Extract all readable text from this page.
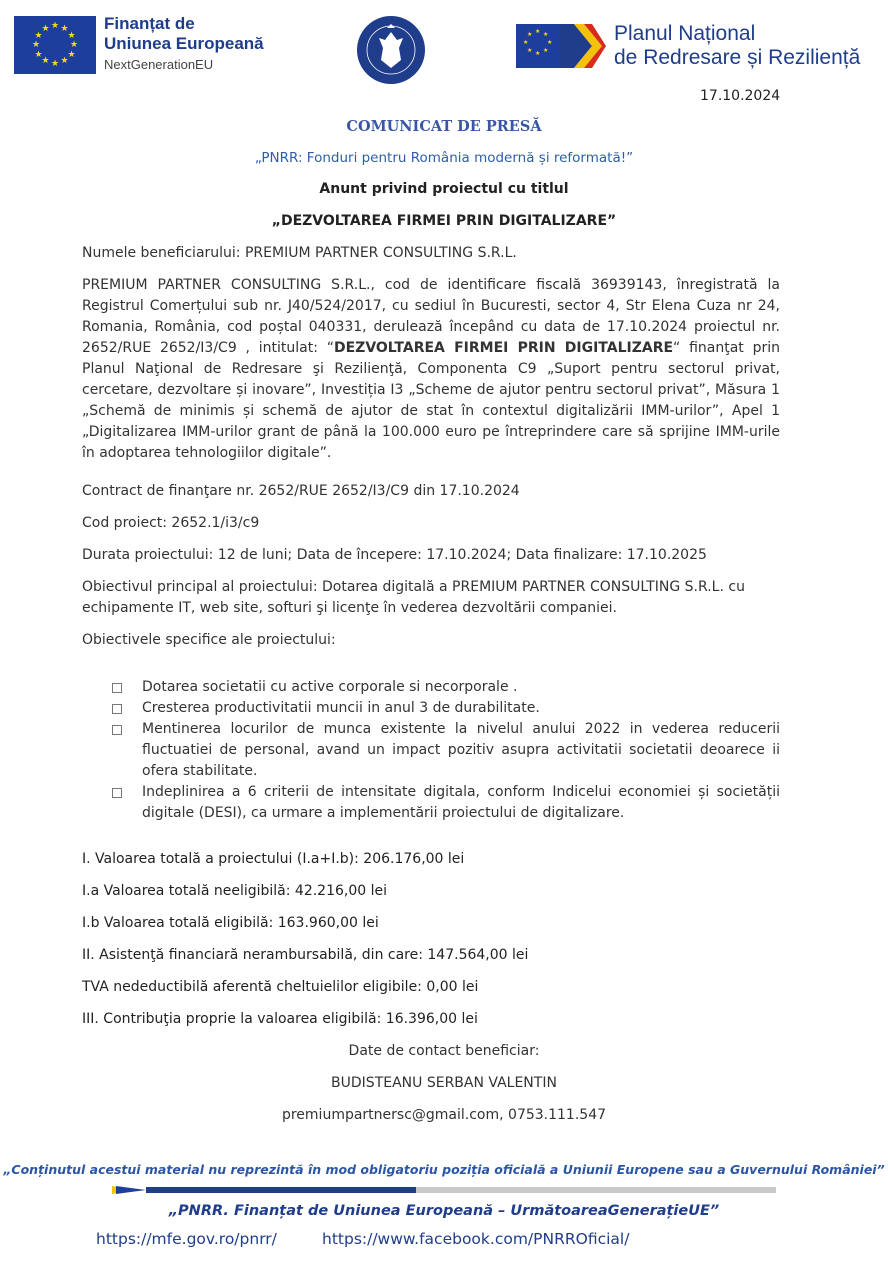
★ ★
★
★
★
★
★
★
★
★
★
★	Finanțat de
Uniunea Europeană
NextGenerationEU
★ ★
★
★
★
★
★
★	Planul Național
de Redresare și Reziliență
17.10.2024
COMUNICAT DE PRESĂ
„PNRR: Fonduri pentru România modernă și reformată!”
Anunt privind proiectul cu titlul
„DEZVOLTAREA FIRMEI PRIN DIGITALIZARE”
Numele beneficiarului: PREMIUM PARTNER CONSULTING S.R.L.
PREMIUM PARTNER CONSULTING S.R.L., cod de identificare fiscală 36939143, înregistrată la Registrul Comerțului sub nr. J40/524/2017, cu sediul în Bucuresti, sector 4, Str Elena Cuza nr 24, Romania, România, cod poștal 040331, derulează începând cu data de 17.10.2024 proiectul nr. 2652/RUE 2652/I3/C9 , intitulat: “DEZVOLTAREA FIRMEI PRIN DIGITALIZARE“ finanţat prin Planul Naţional de Redresare şi Rezilienţă, Componenta C9 „Suport pentru sectorul privat, cercetare, dezvoltare și inovare”, Investiția I3 „Scheme de ajutor pentru sectorul privat”, Măsura 1 „Schemă de minimis și schemă de ajutor de stat în contextul digitalizării IMM-urilor”, Apel 1 „Digitalizarea IMM-urilor grant de până la 100.000 euro pe întreprindere care să sprijine IMM-urile în adoptarea tehnologiilor digitale”.
Contract de finanţare nr. 2652/RUE 2652/I3/C9 din 17.10.2024
Cod proiect: 2652.1/i3/c9
Durata proiectului: 12 de luni; Data de începere: 17.10.2024; Data finalizare: 17.10.2025
Obiectivul principal al proiectului: Dotarea digitală a PREMIUM PARTNER CONSULTING S.R.L. cu echipamente IT, web site, softuri şi licenţe în vederea dezvoltării companiei.
Obiectivele specifice ale proiectului:
Dotarea societatii cu active corporale si necorporale .
Cresterea productivitatii muncii in anul 3 de durabilitate.
Mentinerea locurilor de munca existente la nivelul anului 2022 in vederea reducerii fluctuatiei de personal, avand un impact pozitiv asupra activitatii societatii deoarece ii ofera stabilitate.
Indeplinirea a 6 criterii de intensitate digitala, conform Indicelui economiei și societății digitale (DESI), ca urmare a implementării proiectului de digitalizare.
I. Valoarea totală a proiectului (I.a+I.b): 206.176,00 lei
I.a Valoarea totală neeligibilă: 42.216,00 lei
I.b Valoarea totală eligibilă: 163.960,00 lei
II. Asistenţă financiară nerambursabilă, din care: 147.564,00 lei
TVA nedeductibilă aferentă cheltuielilor eligibile: 0,00 lei
III. Contribuţia proprie la valoarea eligibilă: 16.396,00 lei
Date de contact beneficiar:
BUDISTEANU SERBAN VALENTIN
premiumpartnersc@gmail.com, 0753.111.547
„Conținutul acestui material nu reprezintă în mod obligatoriu poziția oficială a Uniunii Europene sau a Guvernului României”
„PNRR. Finanțat de Uniunea Europeană – UrmătoareaGenerațieUE”
https://mfe.gov.ro/pnrr/	https://www.facebook.com/PNRROficial/
